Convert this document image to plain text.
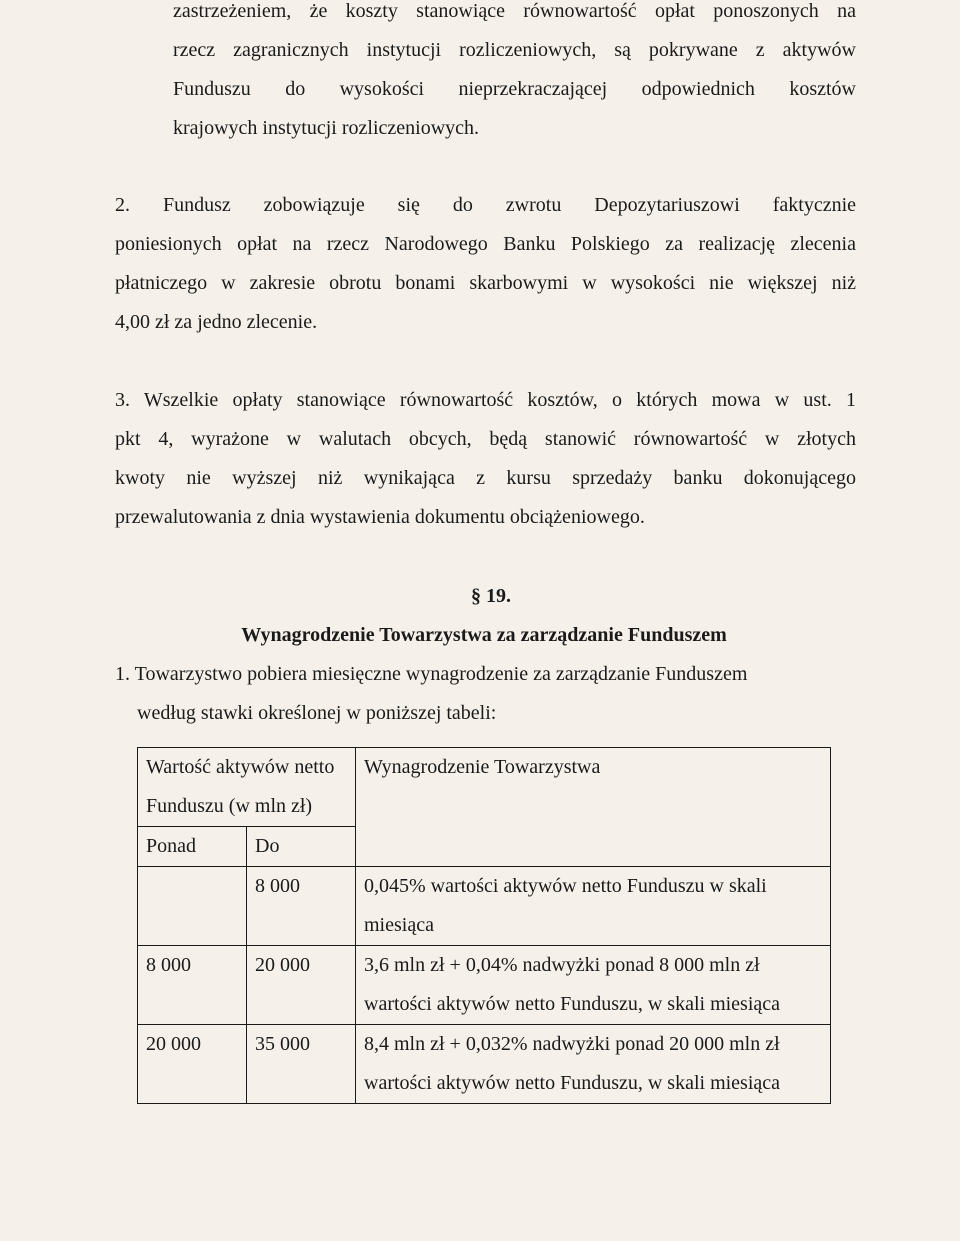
zastrzeżeniem, że koszty stanowiące równowartość opłat ponoszonych na
rzecz zagranicznych instytucji rozliczeniowych, są pokrywane z aktywów
Funduszu do wysokości nieprzekraczającej odpowiednich kosztów
krajowych instytucji rozliczeniowych.
2. Fundusz zobowiązuje się do zwrotu Depozytariuszowi faktycznie
poniesionych opłat na rzecz Narodowego Banku Polskiego za realizację zlecenia
płatniczego w zakresie obrotu bonami skarbowymi w wysokości nie większej niż
4,00 zł za jedno zlecenie.
3. Wszelkie opłaty stanowiące równowartość kosztów, o których mowa w ust. 1
pkt 4, wyrażone w walutach obcych, będą stanowić równowartość w złotych
kwoty nie wyższej niż wynikająca z kursu sprzedaży banku dokonującego
przewalutowania z dnia wystawienia dokumentu obciążeniowego.
§ 19.
Wynagrodzenie Towarzystwa za zarządzanie Funduszem
1. Towarzystwo pobiera miesięczne wynagrodzenie za zarządzanie Funduszem
według stawki określonej w poniższej tabeli:
Wartość aktywów netto Funduszu (w mln zł)		Wynagrodzenie Towarzystwa
Ponad	Do	
	8 000	0,045% wartości aktywów netto Funduszu w skali miesiąca
8 000	20 000	3,6 mln zł + 0,04% nadwyżki ponad 8 000 mln zł wartości aktywów netto Funduszu, w skali miesiąca
20 000	35 000	8,4 mln zł + 0,032% nadwyżki ponad 20 000 mln zł wartości aktywów netto Funduszu, w skali miesiąca
